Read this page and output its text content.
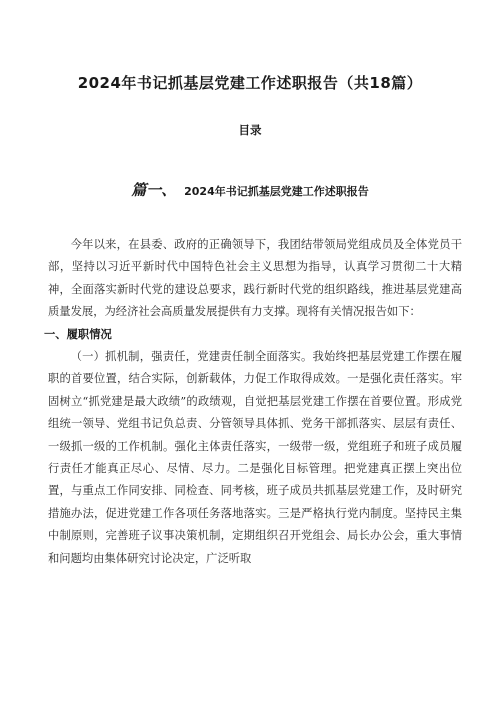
2024年书记抓基层党建工作述职报告（共18篇）
目录
篇一、 2024年书记抓基层党建工作述职报告

今年以来，在县委、政府的正确领导下，我团结带领局党组成员及全体党员干部，坚持以习近平新时代中国特色社会主义思想为指导，认真学习贯彻二十大精神，全面落实新时代党的建设总要求，践行新时代党的组织路线，推进基层党建高质量发展，为经济社会高质量发展提供有力支撑。现将有关情况报告如下：

一、履职情况

（一）抓机制，强责任，党建责任制全面落实。我始终把基层党建工作摆在履职的首要位置，结合实际，创新载体，力促工作取得成效。一是强化责任落实。牢固树立“抓党建是最大政绩”的政绩观，自觉把基层党建工作摆在首要位置。形成党组统一领导、党组书记负总责、分管领导具体抓、党务干部抓落实、层层有责任、一级抓一级的工作机制。强化主体责任落实，一级带一级，党组班子和班子成员履行责任才能真正尽心、尽情、尽力。二是强化目标管理。把党建真正摆上突出位置，与重点工作同安排、同检查、同考核，班子成员共抓基层党建工作，及时研究措施办法，促进党建工作各项任务落地落实。三是严格执行党内制度。坚持民主集中制原则，完善班子议事决策机制，定期组织召开党组会、局长办公会，重大事情和问题均由集体研究讨论决定，广泛听取
